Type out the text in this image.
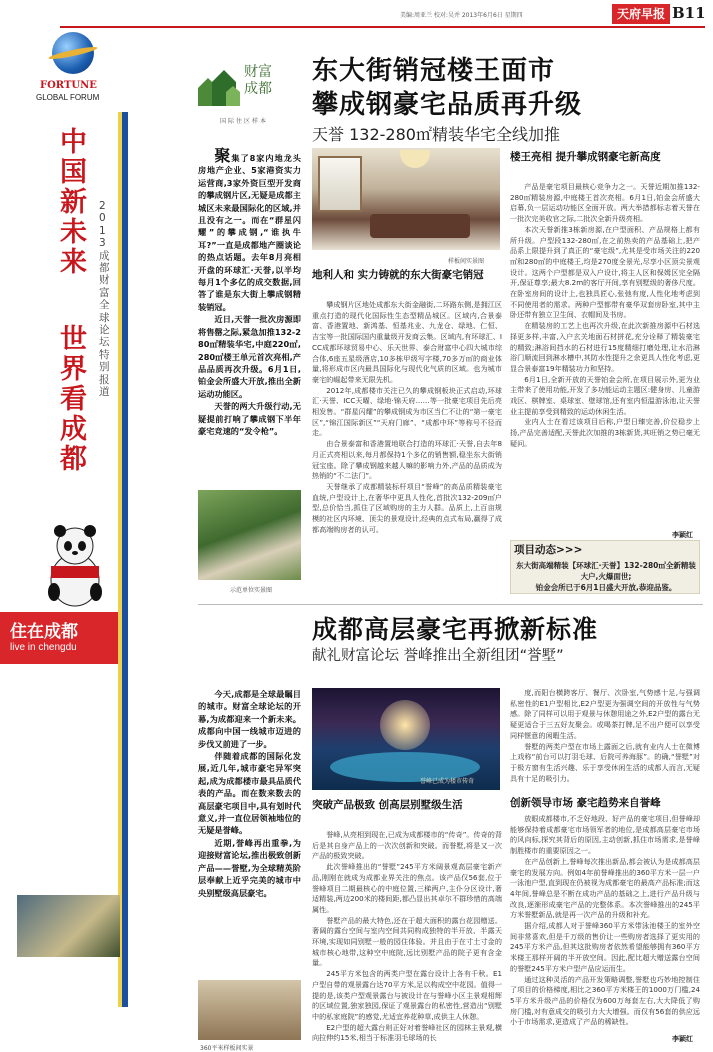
美编:周亚兰 校对:吴并 2013年6月6日 星期四	天府早报 B11
FORTUNE
GLOBAL FORUM
中国新未来
世界看成都
2013成都财富全球论坛特别报道
住在成都
live in chengdu
财富
成都
国际住区样本
东大街销冠楼王面市
攀成钢豪宅品质再升级
天誉 132-280㎡精装华宅全线加推

聚集了8家内地龙头房地产企业、5家港资实力运营商,3家外资巨型开发商的攀成钢片区,无疑是成都主城区未来最国际化的区域,并且没有之一。而在“群星闪耀”的攀成钢,“谁执牛耳?”一直是成都地产圈谈论的热点话题。去年8月亮相开盘的环球汇·天誉,以半均每月1个多亿的成交数据,回答了谁是东大街上攀成钢精装销冠。

近日,天誉一批次房源即将售罄之际,紧急加推132-280㎡精装华宅,中庭220㎡,280㎡楼王单元首次亮相,产品品质再次升级。6月1日,铂金会所盛大开放,推出全新运动功能区。

天誉的两大升级行动,无疑提前打响了攀成钢下半年豪宅竞速的“发令枪”。

样板间实景图
地利人和 实力铸就的东大街豪宅销冠

攀成钢片区地处成都东大街金融街,二环路东侧,是拥江区重点打造的现代化国际性生态型精品城区。区域内,合景泰富、香港置地、新鸿基、恒基兆业、九龙仓、绿地、仁恒、吉宝等一批国际国内重量级开发商云集。区域内,有环球汇、ICC成都环球贸易中心、乐天世界、泰合财富中心四大城市综合体,6座五星级酒店,10多栋甲级写字楼,70多万㎡的商业体量,将形成市区内最具国际化与现代化气质的区域。也为城市豪宅的崛起带来无限先机。

2012年,成都楼市关注已久的攀成钢板块正式启动,环球汇·天誉、ICC天曜、绿地·锦天府……等一批豪宅项目先后亮相发售。“群星闪耀”的攀成钢成为市区当仁不让的“第一豪宅区”,“锦江国际新区”“天府门廊”、“成都中环”等称号不径而走。

由合景泰富和香港置地联合打造的环球汇·天誉,自去年8月正式亮相以来,每月都保持1个多亿的销售额,稳坐东大街销冠宝座。除了攀成钢越来越人嘛的影响力外,产品的品质成为热销的“不二法门”。

天誉继承了成都精装标杆项目“誉峰”的高品质精装豪宅血统,户型设计上,在奢华中更具人性化,首批次132-209㎡户型,总价恰当,抓住了区域购房的主力人群。品质上,上百亩规模的社区内环境、顶尖的景观设计,经典的点式布局,赢得了成都高端购房者的认可。

示范单位实景图
楼王亮相 提升攀成钢豪宅新高度

产品是豪宅项目最核心竞争力之一。天誉近期加推132-280㎡精装房源,中庭楼王首次亮相。6月1日,铂金会所盛大启幕,负一层运动功能区全面开放。两大举措都标志着天誉在一批次完美收官之际,二批次全新升级亮相。

本次天誉新推3栋新房源,在户型面积、产品规格上都有所升级。户型段132-280㎡,在之前热卖的产品基础上,把产品系上限提升到了真正的“豪宅级”,尤其是受市场关注的220㎡和280㎡的中庭楼王,均是270度全景光,尽享小区顶尖景观设计。这两个户型都是双入户设计,将主人区和保姆区完全隔开,保证尊享;最大8.2m的客厅开间,享有别墅级的奢侈尺度。在卧室房间的设计上,也独具匠心,张弛有度,人性化地考虑到不同使用者的需求。两种户型都带有豪华双套房卧室,其中主卧还带有独立卫生间、衣帽间及书房。

在精装房的工艺上也再次升级,在此次新推房源中石材选择更多样,丰富,入户玄关地面石材拼花,充分诠释了精装豪宅的精致;淋浴间挡水的石材进行15度精细打磨处理,让水沿淋浴门顺流回到淋水槽中,其防水性提升之余更具人性化考虑,更显合景泰富19年精装功力和坚持。

6月1日,全新开放的天誉铂金会所,在项目展示外,更为业主带来了使用功能,开发了多功能运动主题区:健身房、儿童游戏区、棋牌室、桌球室、壁球馆,还有室内恒温游泳池,让天誉业主提前享受到精致的运动休闲生活。

业内人士在看过该项目后称,户型日臻完善,价位稳步上扬,产品完善适配,天誉此次加推的3栋新货,其旺销之势已毫无疑问。

李颖红
项目动态>>>
东大街高端精装【环球汇·天誉】132-280㎡全新精装大户,火爆面世;
铂金会所已于6月1日盛大开放,恭迎品鉴。
成都高层豪宅再掀新标准
献礼财富论坛 誉峰推出全新组团“誉墅”

今天,成都是全球最瞩目的城市。财富全球论坛的开幕,为成都迎来一个新未来。成都向中国一线城市迈进的步伐又前进了一步。

伴随着成都的国际化发展,近几年,城市豪宅异军突起,成为成都楼市最具品质代表的产品。而在数来数去的高层豪宅项目中,具有划时代意义,并一直位居领袖地位的无疑是誉峰。

近期,誉峰再出重拳,为迎接财富论坛,推出极致创新产品——誉墅,为全球精英阶层奉献上近乎完美的城市中央别墅级高层豪宅。

360平米样板间实景
誉峰已成为楼市传奇
突破产品极致 创高层别墅级生活

誉峰,从亮相到现在,已成为成都楼市的“传奇”。传奇的背后是其自身产品上的一次次创新和突破。而誉墅,将是又一次产品的极致突破。

此次誉峰推出的“誉墅”245平方米阔景观高层豪宅新产品,刚刚在就成为成都业界关注的焦点。该产品仅56套,位于誉峰项目二期最核心的中庭位置,三梯两户,主仆分区设计,奢适精装,两边200米的楼间距,都凸显出其卓尔不群珍惜的高端属性。

誉墅产品的最大特色,还在于超大面积的露台花园赠送。奢阔的露台空间与室内空间共同构成独特的半开放、半露天环境,实现如同别墅一般的园住体验。并且由于在寸土寸金的城市核心地带,这种空中庭院,远比别墅产品的院子更有含金量。

245平方米包含的两类户型在露台设计上各有千秋。E1户型自带的观景露台达70平方米,足以构成空中花园。值得一提的是,该类户型观景露台与被设计在与誉峰小区主景观相辉的区域位置,独家独园,保证了观景露台的私密性,营造出“别墅中的私家庭院”的感觉,尤适宜养花种草,成供主人休憩。

E2户型的超大露台则正好对着誉峰社区的园林主景观,横向拉伸约15米,相当于标准羽毛球场的长

度,而阳台横跨客厅、餐厅、次卧室,气势感十足,与强调私密性的E1户型相比,E2户型更为强调空间的开放性与气势感。除了同样可以用于观景与休憩用途之外,E2户型的露台无疑更适合于三五好友聚会。或喝茶打牌,足不出户便可以享受同样惬意的闲暇生活。

誉墅的两类户型在市场上露面之后,就有业内人士在微博上戏称“前台可以打羽毛球、后院可养海豚”。的确,“誉墅”对于极方窗有生活兴趣、乐于享受休闲生活的成都人而言,无疑具有十足的吸引力。

创新领导市场 豪宅趋势来自誉峰

放眼成都楼市,不乏好地段、好产品的豪宅项目,但誉峰却能够保持着成都豪宅市场领军者的地位,是成都高层豪宅市场的风向标,探究其背后的原因,主动创新,抓住市场需求,是誉峰制胜楼市的重要原因之一。

在产品创新上,誉峰每次推出新品,都会被认为是成都高层豪宅的发展方向。例如4年前誉峰推出的360平方米一层一户一泳池户型,直到现在仍被视为成都豪宅的最高产品标准;而这4年间,誉峰总是不断在成功产品的基础之上,进行产品升级与改良,逐渐形成豪宅产品的完整体系。本次誉峰推出的245平方米誉墅新品,就是再一次产品的升级和补充。

据介绍,成都人对于誉峰360平方米带泳池楼王的室外空间非常喜欢,但是千万级的售价让一些购房者选择了更实用的245平方米产品,但其这批购房者依然希望能够拥有360平方米楼王那样开阔的半开放空间。因此,配比超大赠送露台空间的誉墅245平方米户型产品应运而生。

通过这种灵活的产品开发策略调整,誉墅也巧妙地控制住了项目的价格梯度,相比之360平方米楼王的1000万门槛,245平方米升级产品的价格仅为600万每套左右,大大降低了购房门槛,对有意成交的吸引力大大增强。而仅有56套的供应远小于市场需求,更造成了产品的稀缺性。

李颖红
